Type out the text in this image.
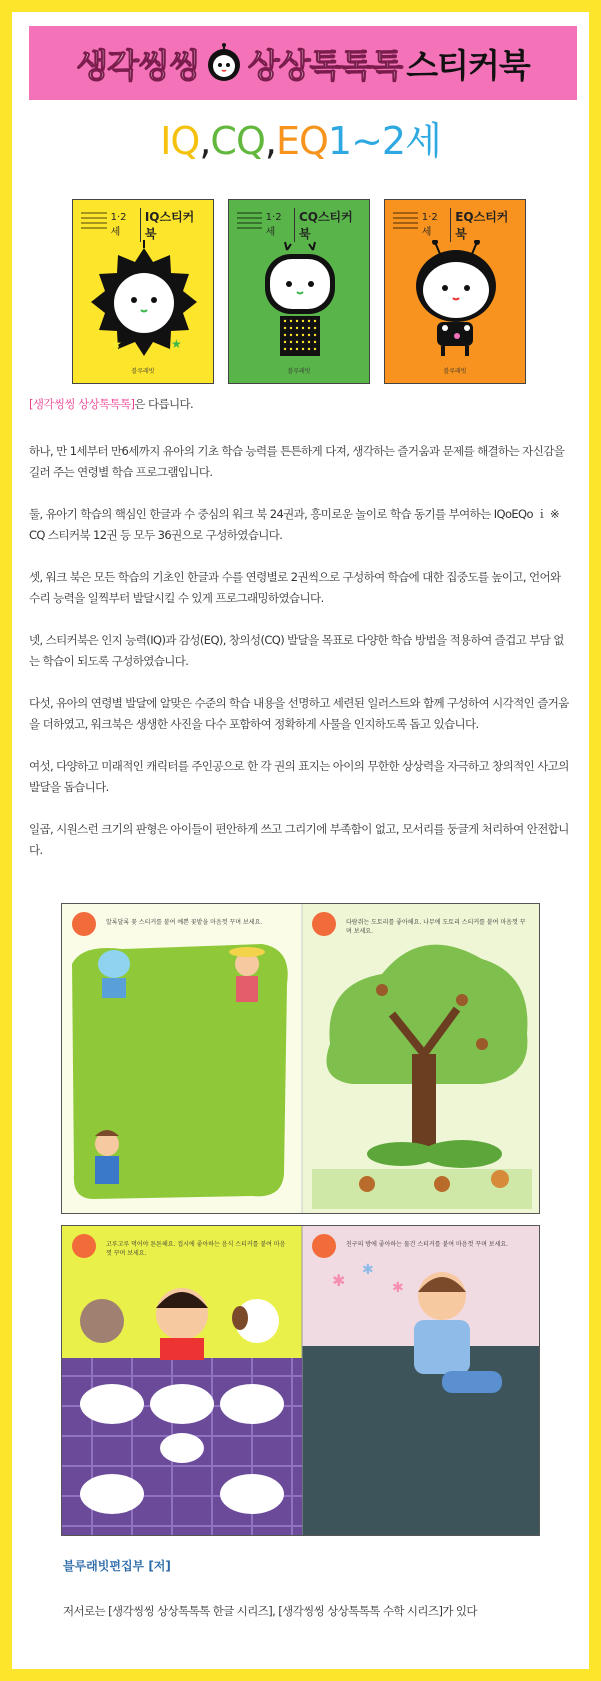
생각씽씽 상상톡톡톡 스티커북
IQ,CQ,EQ1~2세
1·2세
IQ스티커북
★	★
블루래빗
1·2세
CQ스티커북
블루래빗
1·2세
EQ스티커북
블루래빗
[생각씽씽 상상톡톡톡]은 다릅니다.
하나, 만 1세부터 만6세까지 유아의 기초 학습 능력를 튼튼하게 다져, 생각하는 즐거움과 문제를 해결하는 자신감을 길러 주는 연령별 학습 프로그램입니다.
둘, 유아기 학습의 핵심인 한글과 수 중심의 워크 북 24권과, 흥미로운 놀이로 학습 동기를 부여하는 IQoEQo ｉ ※ CQ 스티커북 12권 등 모두 36권으로 구성하였습니다.
셋, 워크 북은 모든 학습의 기초인 한글과 수를 연령별로 2권씩으로 구성하여 학습에 대한 집중도를 높이고, 언어와 수리 능력을 일찍부터 발달시킬 수 있게 프로그래밍하였습니다.
넷, 스티커북은 인지 능력(IQ)과 감성(EQ), 창의성(CQ) 발달을 목표로 다양한 학습 방법을 적용하여 즐겁고 부담 없는 학습이 되도록 구성하였습니다.
다섯, 유아의 연령별 발달에 알맞은 수준의 학습 내용을 선명하고 세련된 일러스트와 함께 구성하여 시각적인 즐거움을 더하였고, 워크북은 생생한 사진을 다수 포함하여 정확하게 사물을 인지하도록 돕고 있습니다.
여섯, 다양하고 미래적인 캐릭터를 주인공으로 한 각 권의 표지는 아이의 무한한 상상력을 자극하고 창의적인 사고의 발달을 돕습니다.
일곱, 시원스런 크기의 판형은 아이들이 편안하게 쓰고 그리기에 부족함이 없고, 모서리를 둥글게 처리하여 안전합니다.
알록달록 꽃 스티커를 붙여 예쁜 꽃밭을 마음껏 꾸며 보세요.	다람쥐는 도토리를 좋아해요. 나무에 도토리 스티커를 붙여 마음껏 꾸며 보세요.
✱
✱
✱
고루고루 먹어야 튼튼해요. 접시에 좋아하는 음식 스티커를 붙여 마음껏 꾸며 보세요.
친구의 방에 좋아하는 물건 스티커를 붙여 마음껏 꾸며 보세요.
블루래빗편집부 [저]
저서로는 [생각씽씽 상상톡톡톡 한글 시리즈], [생각씽씽 상상톡톡톡 수학 시리즈]가 있다
